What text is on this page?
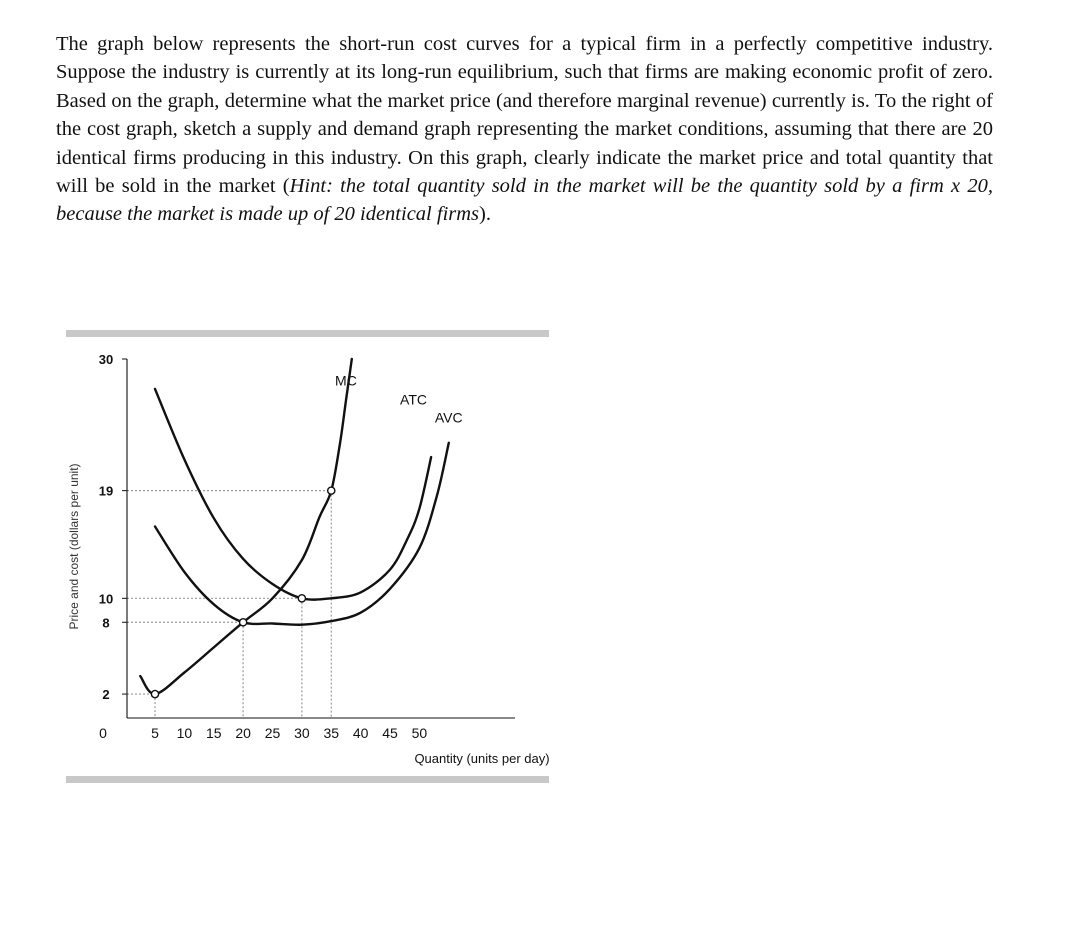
The graph below represents the short-run cost curves for a typical firm in a perfectly competitive industry. Suppose the industry is currently at its long-run equilibrium, such that firms are making economic profit of zero. Based on the graph, determine what the market price (and therefore marginal revenue) currently is. To the right of the cost graph, sketch a supply and demand graph representing the market conditions, assuming that there are 20 identical firms producing in this industry. On this graph, clearly indicate the market price and total quantity that will be sold in the market (Hint: the total quantity sold in the market will be the quantity sold by a firm x 20, because the market is made up of 20 identical firms).

2
8
10
19
30
0	5 10 15 20 25 30 35 40 45 50
Quantity (units per day)
Price and cost (dollars per unit)
MC
ATC
AVC
